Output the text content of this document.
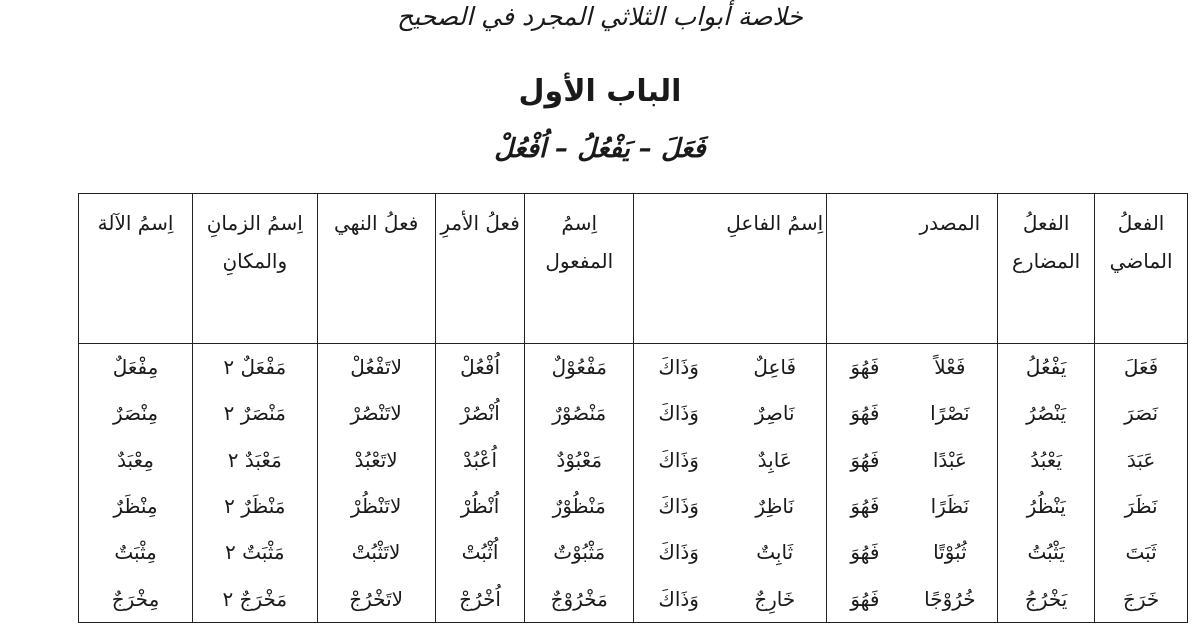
خلاصة أبواب الثلاثي المجرد في الصحيح
الباب الأول
فَعَلَ – يَفْعُلُ – اُفْعُلْ
الفعلُ الماضي	الفعلُ المضارع	المصدر		اِسمُ الفاعلِ		اِسمُ المفعول	فعلُ الأمرِ	فعلُ النهي	اِسمُ الزمانِ والمكانِ	اِسمُ الآلة
فَعَلَ	يَفْعُلُ	فَعْلاً	فَهُوَ	فَاعِلٌ	وَذَاكَ	مَفْعُوْلٌ	اُفْعُلْ	لاتَفْعُلْ	مَفْعَلٌ ٢	مِفْعَلٌ
نَصَرَ	يَنْصُرُ	نَصْرًا	فَهُوَ	نَاصِرٌ	وَذَاكَ	مَنْصُوْرٌ	اُنْصُرْ	لاتَنْصُرْ	مَنْصَرٌ ٢	مِنْصَرٌ
عَبَدَ	يَعْبُدُ	عَبْدًا	فَهُوَ	عَابِدٌ	وَذَاكَ	مَعْبُوْدٌ	اُعْبُدْ	لاتَعْبُدْ	مَعْبَدٌ ٢	مِعْبَدٌ
نَظَرَ	يَنْظُرُ	نَظَرًا	فَهُوَ	نَاظِرٌ	وَذَاكَ	مَنْظُوْرٌ	اُنْظُرْ	لاتَنْظُرْ	مَنْظَرٌ ٢	مِنْظَرٌ
ثَبَتَ	يَثْبُتُ	ثُبُوْتًا	فَهُوَ	ثَابِتٌ	وَذَاكَ	مَثْبُوْتٌ	اُثْبُتْ	لاتَثْبُتْ	مَثْبَتٌ ٢	مِثْبَتٌ
خَرَجَ	يَخْرُجُ	خُرُوْجًا	فَهُوَ	خَارِجٌ	وَذَاكَ	مَخْرُوْجٌ	اُخْرُجْ	لاتَخْرُجْ	مَخْرَجٌ ٢	مِخْرَجٌ
